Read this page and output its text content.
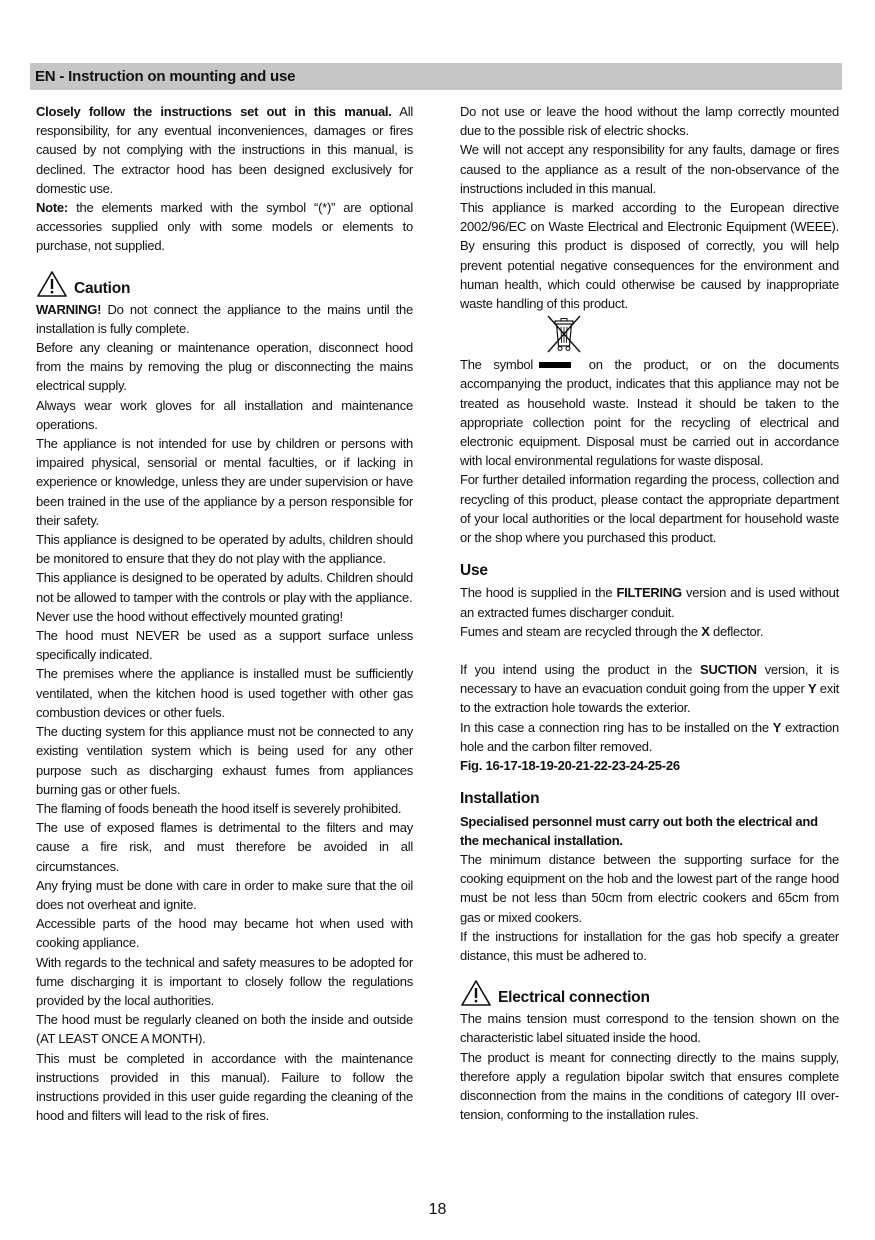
EN - Instruction on mounting and use

Closely follow the instructions set out in this manual. All responsibility, for any eventual inconveniences, damages or fires caused by not complying with the instructions in this manual, is declined. The extractor hood has been designed exclusively for domestic use.

Note: the elements marked with the symbol “(*)” are optional accessories supplied only with some models or elements to purchase, not supplied.

Caution

WARNING! Do not connect the appliance to the mains until the installation is fully complete.

Before any cleaning or maintenance operation, disconnect hood from the mains by removing the plug or disconnecting the mains electrical supply.

Always wear work gloves for all installation and maintenance operations.

The appliance is not intended for use by children or persons with impaired physical, sensorial or mental faculties, or if lacking in experience or knowledge, unless they are under supervision or have been trained in the use of the appliance by a person responsible for their safety.

This appliance is designed to be operated by adults, children should be monitored to ensure that they do not play with the appliance.

This appliance is designed to be operated by adults. Children should not be allowed to tamper with the controls or play with the appliance.

Never use the hood without effectively mounted grating!

The hood must NEVER be used as a support surface unless specifically indicated.

The premises where the appliance is installed must be sufficiently ventilated, when the kitchen hood is used together with other gas combustion devices or other fuels.

The ducting system for this appliance must not be connected to any existing ventilation system which is being used for any other purpose such as discharging exhaust fumes from appliances burning gas or other fuels.

The flaming of foods beneath the hood itself is severely prohibited.

The use of exposed flames is detrimental to the filters and may cause a fire risk, and must therefore be avoided in all circumstances.

Any frying must be done with care in order to make sure that the oil does not overheat and ignite.

Accessible parts of the hood may became hot when used with cooking appliance.

With regards to the technical and safety measures to be adopted for fume discharging it is important to closely follow the regulations provided by the local authorities.

The hood must be regularly cleaned on both the inside and outside (AT LEAST ONCE A MONTH).

This must be completed in accordance with the maintenance instructions provided in this manual). Failure to follow the instructions provided in this user guide regarding the cleaning of the hood and filters will lead to the risk of fires.

Do not use or leave the hood without the lamp correctly mounted due to the possible risk of electric shocks.

We will not accept any responsibility for any faults, damage or fires caused to the appliance as a result of the non-observance of the instructions included in this manual.

This appliance is marked according to the European directive 2002/96/EC on Waste Electrical and Electronic Equipment (WEEE). By ensuring this product is disposed of correctly, you will help prevent potential negative consequences for the environment and human health, which could otherwise be caused by inappropriate waste handling of this product.

The symbol	on the product, or on the documents accompanying the product, indicates that this appliance may not be treated as household waste. Instead it should be taken to the appropriate collection point for the recycling of electrical and electronic equipment. Disposal must be carried out in accordance with local environmental regulations for waste disposal.

For further detailed information regarding the process, collection and recycling of this product, please contact the appropriate department of your local authorities or the local department for household waste or the shop where you purchased this product.

Use

The hood is supplied in the FILTERING version and is used without an extracted fumes discharger conduit.

Fumes and steam are recycled through the X deflector.

If you intend using the product in the SUCTION version, it is necessary to have an evacuation conduit going from the upper Y exit to the extraction hole towards the exterior.

In this case a connection ring has to be installed on the Y extraction hole and the carbon filter removed.

Fig. 16-17-18-19-20-21-22-23-24-25-26

Installation

Specialised personnel must carry out both the electrical and the mechanical installation.

The minimum distance between the supporting surface for the cooking equipment on the hob and the lowest part of the range hood must be not less than 50cm from electric cookers and 65cm from gas or mixed cookers.

If the instructions for installation for the gas hob specify a greater distance, this must be adhered to.

Electrical connection

The mains tension must correspond to the tension shown on the characteristic label situated inside the hood.

The product is meant for connecting directly to the mains supply, therefore apply a regulation bipolar switch that ensures complete disconnection from the mains in the conditions of category III over-tension, conforming to the installation rules.

18
